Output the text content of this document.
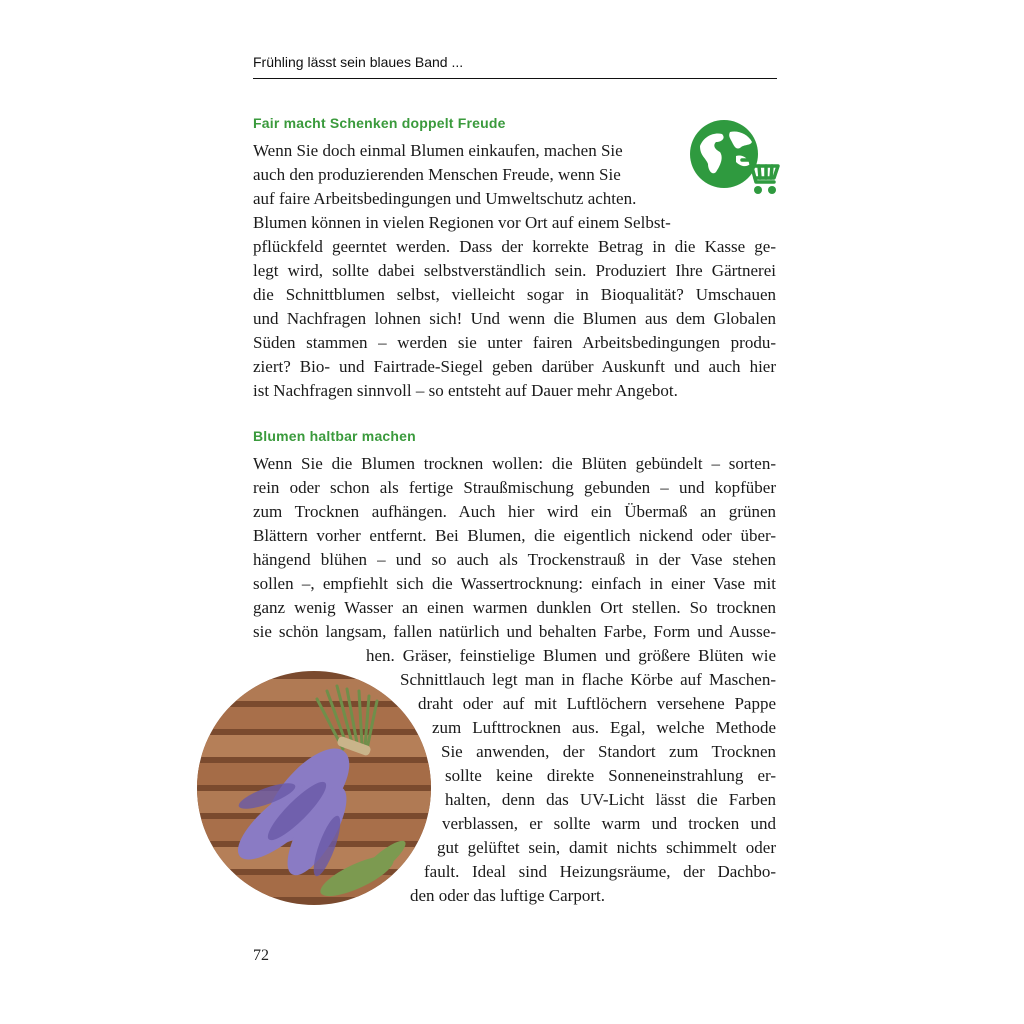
Frühling lässt sein blaues Band ...
Fair macht Schenken doppelt Freude
Wenn Sie doch einmal Blumen einkaufen, machen Sie
auch den produzierenden Menschen Freude, wenn Sie
auf faire Arbeitsbedingungen und Umweltschutz achten.
Blumen können in vielen Regionen vor Ort auf einem Selbst-
pflückfeld geerntet werden. Dass der korrekte Betrag in die Kasse ge-
legt wird, sollte dabei selbstverständlich sein. Produziert Ihre Gärtnerei
die Schnittblumen selbst, vielleicht sogar in Bioqualität? Umschauen
und Nachfragen lohnen sich! Und wenn die Blumen aus dem Globalen
Süden stammen – werden sie unter fairen Arbeitsbedingungen produ-
ziert? Bio- und Fairtrade-Siegel geben darüber Auskunft und auch hier
ist Nachfragen sinnvoll – so entsteht auf Dauer mehr Angebot.
Blumen haltbar machen
Wenn Sie die Blumen trocknen wollen: die Blüten gebündelt – sorten-
rein oder schon als fertige Straußmischung gebunden – und kopfüber
zum Trocknen aufhängen. Auch hier wird ein Übermaß an grünen
Blättern vorher entfernt. Bei Blumen, die eigentlich nickend oder über-
hängend blühen – und so auch als Trockenstrauß in der Vase stehen
sollen –, empfiehlt sich die Wassertrocknung: einfach in einer Vase mit
ganz wenig Wasser an einen warmen dunklen Ort stellen. So trocknen
sie schön langsam, fallen natürlich und behalten Farbe, Form und Ausse-
hen. Gräser, feinstielige Blumen und größere Blüten wie
Schnittlauch legt man in flache Körbe auf Maschen-
draht oder auf mit Luftlöchern versehene Pappe
zum Lufttrocknen aus. Egal, welche Methode
Sie anwenden, der Standort zum Trocknen
sollte keine direkte Sonneneinstrahlung er-
halten, denn das UV-Licht lässt die Farben
verblassen, er sollte warm und trocken und
gut gelüftet sein, damit nichts schimmelt oder
fault. Ideal sind Heizungsräume, der Dachbo-
den oder das luftige Carport.
72
